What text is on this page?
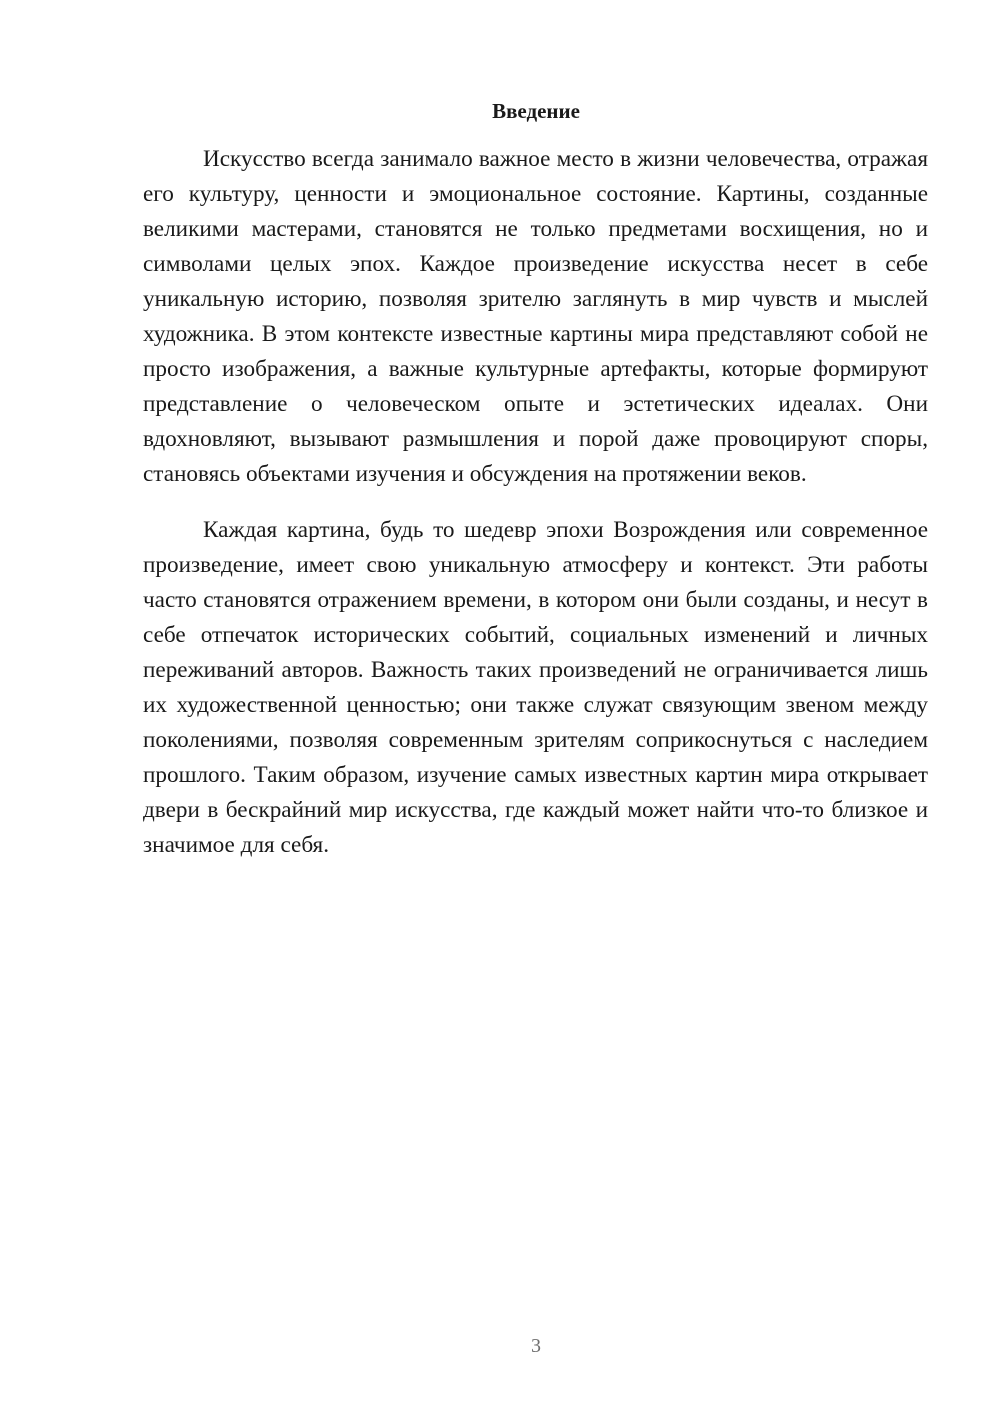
Введение

Искусство всегда занимало важное место в жизни человечества, отражая его культуру, ценности и эмоциональное состояние. Картины, созданные великими мастерами, становятся не только предметами восхищения, но и символами целых эпох. Каждое произведение искусства несет в себе уникальную историю, позволяя зрителю заглянуть в мир чувств и мыслей художника. В этом контексте известные картины мира представляют собой не просто изображения, а важные культурные артефакты, которые формируют представление о человеческом опыте и эстетических идеалах. Они вдохновляют, вызывают размышления и порой даже провоцируют споры, становясь объектами изучения и обсуждения на протяжении веков.

Каждая картина, будь то шедевр эпохи Возрождения или современное произведение, имеет свою уникальную атмосферу и контекст. Эти работы часто становятся отражением времени, в котором они были созданы, и несут в себе отпечаток исторических событий, социальных изменений и личных переживаний авторов. Важность таких произведений не ограничивается лишь их художественной ценностью; они также служат связующим звеном между поколениями, позволяя современным зрителям соприкоснуться с наследием прошлого. Таким образом, изучение самых известных картин мира открывает двери в бескрайний мир искусства, где каждый может найти что-то близкое и значимое для себя.

3
